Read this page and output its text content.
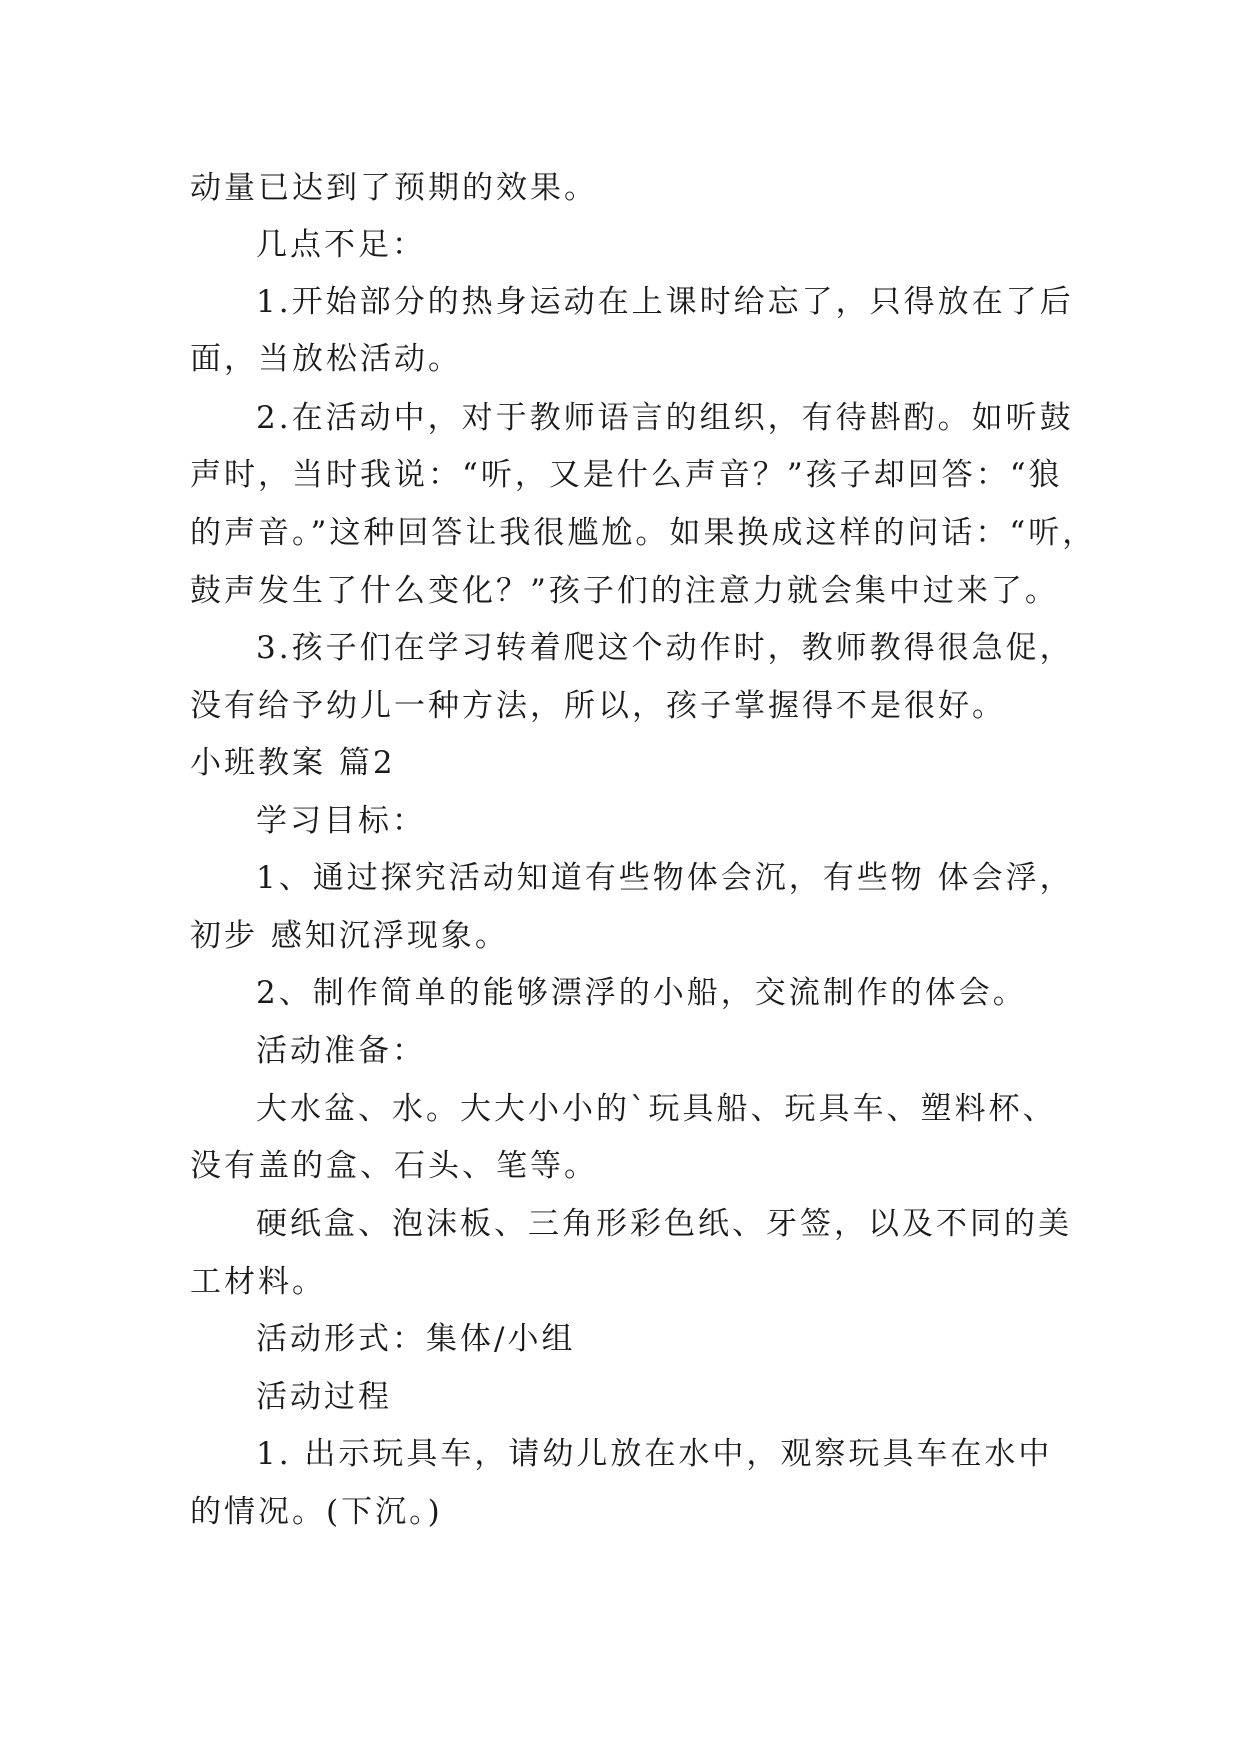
动量已达到了预期的效果。
几点不足：
1.开始部分的热身运动在上课时给忘了，只得放在了后
面，当放松活动。
2.在活动中，对于教师语言的组织，有待斟酌。如听鼓
声时，当时我说：“听，又是什么声音？”孩子却回答：“狼
的声音。”这种回答让我很尴尬。如果换成这样的问话：“听，
鼓声发生了什么变化？”孩子们的注意力就会集中过来了。
3.孩子们在学习转着爬这个动作时，教师教得很急促，
没有给予幼儿一种方法，所以，孩子掌握得不是很好。
小班教案 篇2
学习目标：
1、通过探究活动知道有些物体会沉，有些物 体会浮，
初步 感知沉浮现象。
2、制作简单的能够漂浮的小船，交流制作的体会。
活动准备：
大水盆、水。大大小小的`玩具船、玩具车、塑料杯、
没有盖的盒、石头、笔等。
硬纸盒、泡沫板、三角形彩色纸、牙签，以及不同的美
工材料。
活动形式：集体/小组
活动过程
1. 出示玩具车，请幼儿放在水中，观察玩具车在水中
的情况。(下沉。)
